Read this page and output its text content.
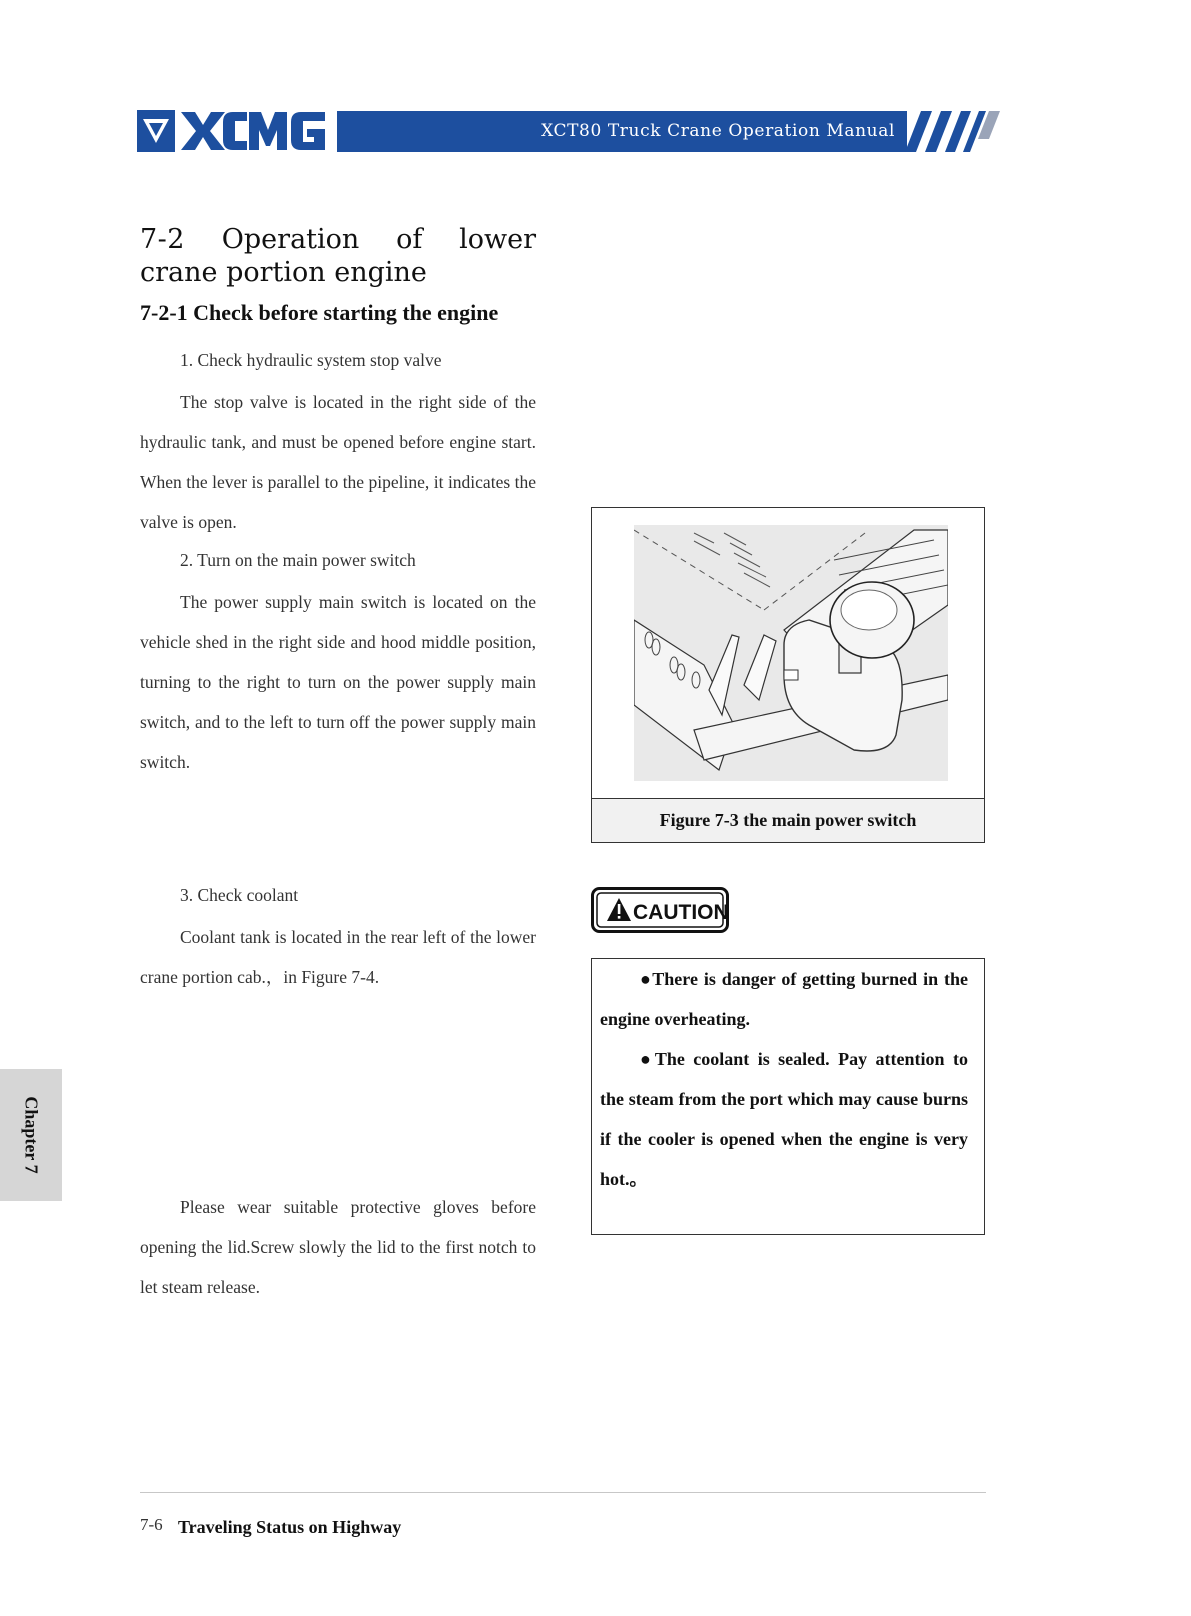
XCT80 Truck Crane Operation Manual
7-2 Operation of lower crane portion engine
7-2-1 Check before starting the engine
1. Check hydraulic system stop valve
The stop valve is located in the right side of the hydraulic tank, and must be opened before engine start. When the lever is parallel to the pipeline, it indicates the valve is open.
2. Turn on the main power switch
The power supply main switch is located on the vehicle shed in the right side and hood middle position, turning to the right to turn on the power supply main switch, and to the left to turn off the power supply main switch.
3. Check coolant
Coolant tank is located in the rear left of the lower crane portion cab.，in Figure 7-4.
Please wear suitable protective gloves before opening the lid.Screw slowly the lid to the first notch to let steam release.
Figure 7-3 the main power switch
CAUTION

●There is danger of getting burned in the engine overheating.

●The coolant is sealed. Pay attention to the steam from the port which may cause burns if the cooler is opened when the engine is very hot.。

Chapter 7
7-6 Traveling Status on Highway
